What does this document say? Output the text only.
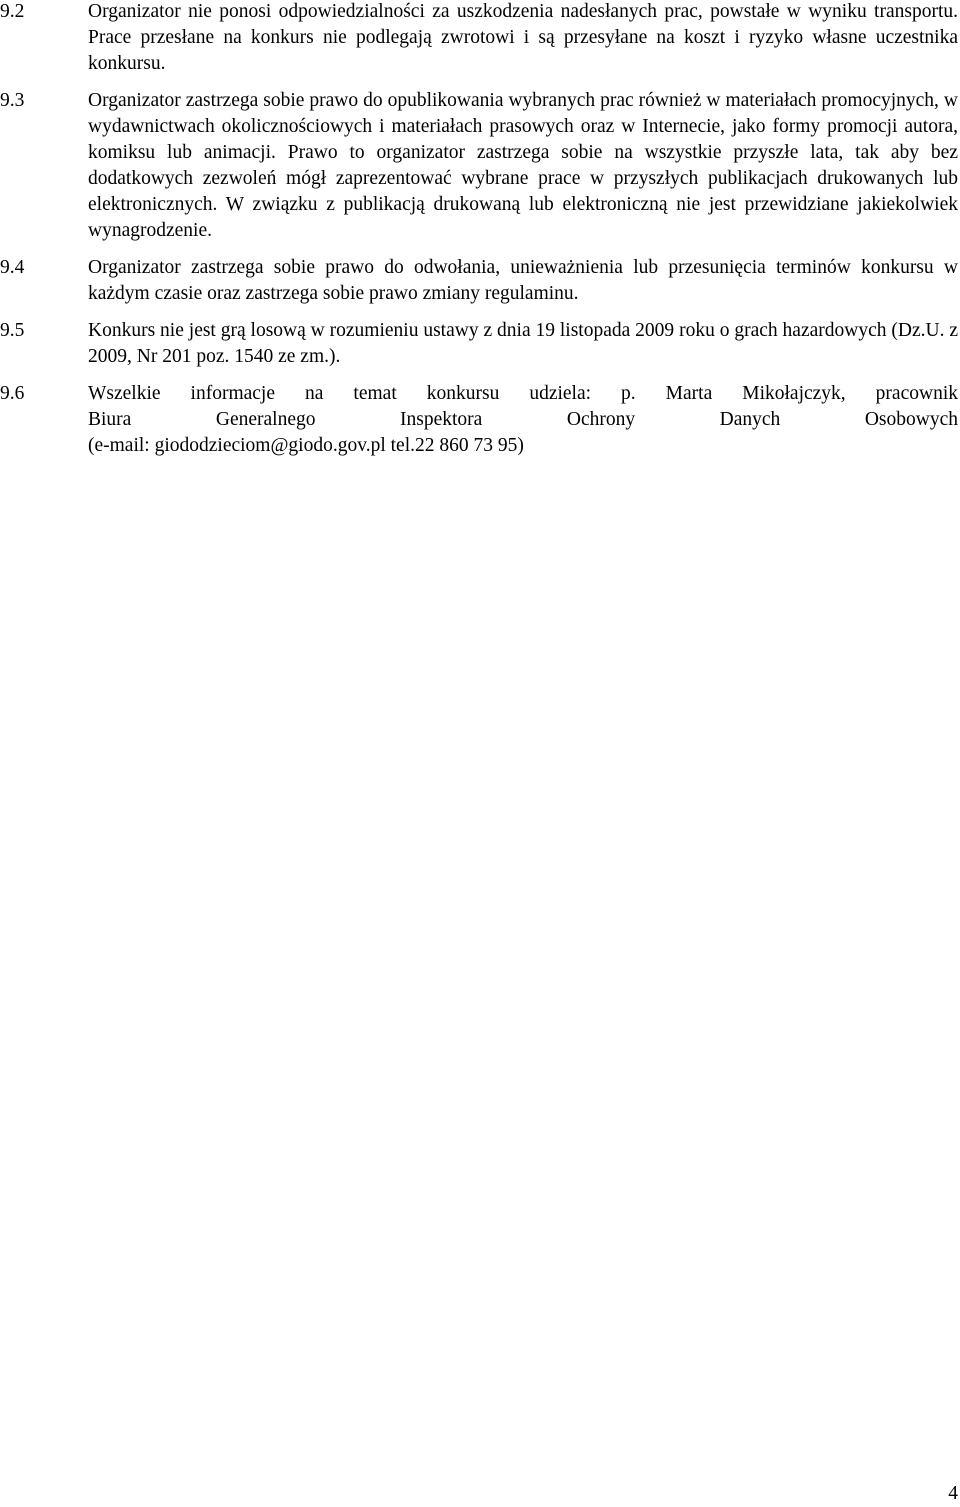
9.2	Organizator nie ponosi odpowiedzialności za uszkodzenia nadesłanych prac, powstałe w wyniku transportu. Prace przesłane na konkurs nie podlegają zwrotowi i są przesyłane na koszt i ryzyko własne uczestnika konkursu.
9.3	Organizator zastrzega sobie prawo do opublikowania wybranych prac również w materiałach promocyjnych, w wydawnictwach okolicznościowych i materiałach prasowych oraz w Internecie, jako formy promocji autora, komiksu lub animacji. Prawo to organizator zastrzega sobie na wszystkie przyszłe lata, tak aby bez dodatkowych zezwoleń mógł zaprezentować wybrane prace w przyszłych publikacjach drukowanych lub elektronicznych. W związku z publikacją drukowaną lub elektroniczną nie jest przewidziane jakiekolwiek wynagrodzenie.
9.4	Organizator zastrzega sobie prawo do odwołania, unieważnienia lub przesunięcia terminów konkursu w każdym czasie oraz zastrzega sobie prawo zmiany regulaminu.
9.5	Konkurs nie jest grą losową w rozumieniu ustawy z dnia 19 listopada 2009 roku o grach hazardowych (Dz.U. z 2009, Nr 201 poz. 1540 ze zm.).
9.6	Wszelkie informacje na temat konkursu udziela: p. Marta Mikołajczyk, pracownik
Biura Generalnego Inspektora Ochrony Danych Osobowych
(e-mail: giododzieciom@giodo.gov.pl tel.22 860 73 95)
4
